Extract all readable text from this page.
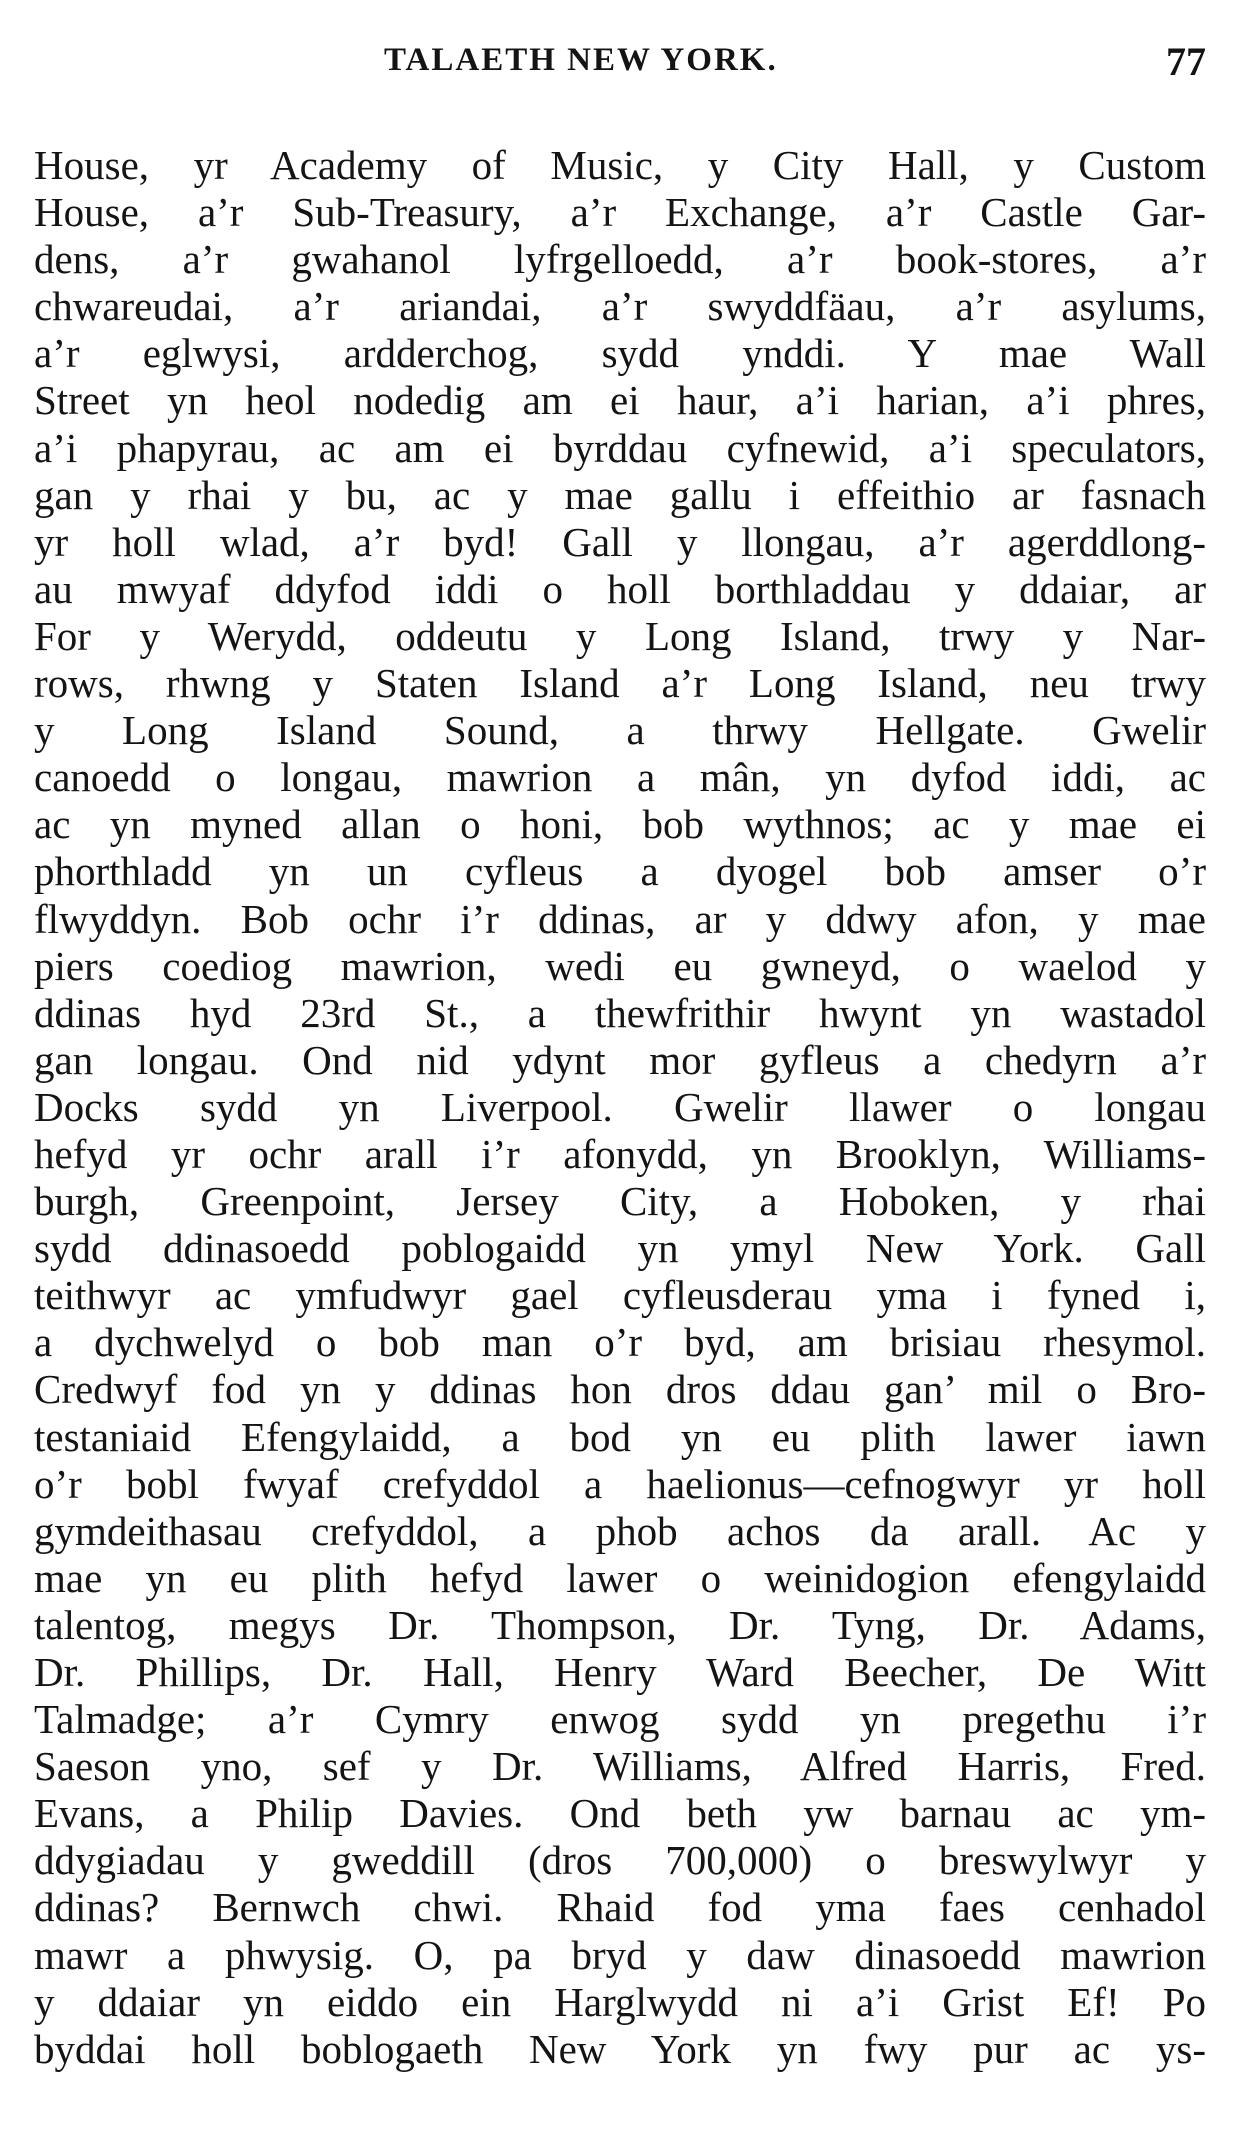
TALAETH NEW YORK.	77
House, yr Academy of Music, y City Hall, y Custom
House, a’r Sub-Treasury, a’r Exchange, a’r Castle Gar-
dens, a’r gwahanol lyfrgelloedd, a’r book-stores, a’r
chwareudai, a’r ariandai, a’r swyddfäau, a’r asylums,
a’r eglwysi, ardderchog, sydd ynddi. Y mae Wall
Street yn heol nodedig am ei haur, a’i harian, a’i phres,
a’i phapyrau, ac am ei byrddau cyfnewid, a’i speculators,
gan y rhai y bu, ac y mae gallu i effeithio ar fasnach
yr holl wlad, a’r byd! Gall y llongau, a’r agerddlong-
au mwyaf ddyfod iddi o holl borthladdau y ddaiar, ar
For y Werydd, oddeutu y Long Island, trwy y Nar-
rows, rhwng y Staten Island a’r Long Island, neu trwy
y Long Island Sound, a thrwy Hellgate. Gwelir
canoedd o longau, mawrion a mân, yn dyfod iddi, ac
ac yn myned allan o honi, bob wythnos; ac y mae ei
phorthladd yn un cyfleus a dyogel bob amser o’r
flwyddyn. Bob ochr i’r ddinas, ar y ddwy afon, y mae
piers coediog mawrion, wedi eu gwneyd, o waelod y
ddinas hyd 23rd St., a thewfrithir hwynt yn wastadol
gan longau. Ond nid ydynt mor gyfleus a chedyrn a’r
Docks sydd yn Liverpool. Gwelir llawer o longau
hefyd yr ochr arall i’r afonydd, yn Brooklyn, Williams-
burgh, Greenpoint, Jersey City, a Hoboken, y rhai
sydd ddinasoedd poblogaidd yn ymyl New York. Gall
teithwyr ac ymfudwyr gael cyfleusderau yma i fyned i,
a dychwelyd o bob man o’r byd, am brisiau rhesymol.
Credwyf fod yn y ddinas hon dros ddau gan’ mil o Bro-
testaniaid Efengylaidd, a bod yn eu plith lawer iawn
o’r bobl fwyaf crefyddol a haelionus—cefnogwyr yr holl
gymdeithasau crefyddol, a phob achos da arall. Ac y
mae yn eu plith hefyd lawer o weinidogion efengylaidd
talentog, megys Dr. Thompson, Dr. Tyng, Dr. Adams,
Dr. Phillips, Dr. Hall, Henry Ward Beecher, De Witt
Talmadge; a’r Cymry enwog sydd yn pregethu i’r
Saeson yno, sef y Dr. Williams, Alfred Harris, Fred.
Evans, a Philip Davies. Ond beth yw barnau ac ym-
ddygiadau y gweddill (dros 700,000) o breswylwyr y
ddinas? Bernwch chwi. Rhaid fod yma faes cenhadol
mawr a phwysig. O, pa bryd y daw dinasoedd mawrion
y ddaiar yn eiddo ein Harglwydd ni a’i Grist Ef! Po
byddai holl boblogaeth New York yn fwy pur ac ys-
